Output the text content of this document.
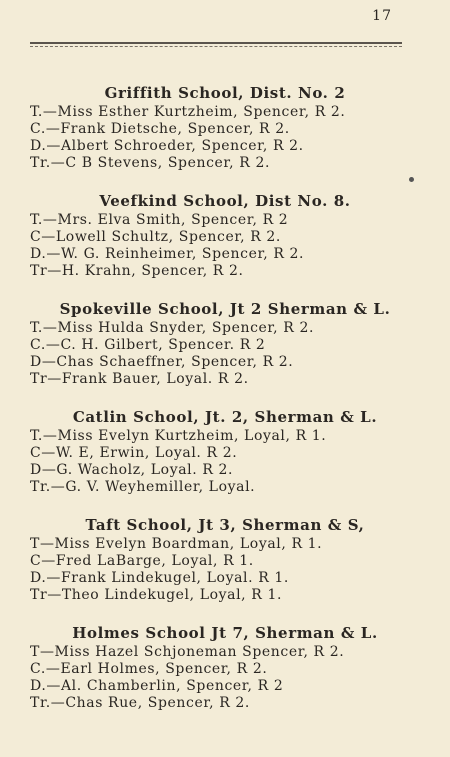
17
Griffith School, Dist. No. 2
T.—Miss Esther Kurtzheim, Spencer, R 2.
C.—Frank Dietsche, Spencer, R 2.
D.—Albert Schroeder, Spencer, R 2.
Tr.—C B Stevens, Spencer, R 2.
Veefkind School, Dist No. 8.
T.—Mrs. Elva Smith, Spencer, R 2
C—Lowell Schultz, Spencer, R 2.
D.—W. G. Reinheimer, Spencer, R 2.
Tr—H. Krahn, Spencer, R 2.
Spokeville School, Jt 2 Sherman & L.
T.—Miss Hulda Snyder, Spencer, R 2.
C.—C. H. Gilbert, Spencer. R 2
D—Chas Schaeffner, Spencer, R 2.
Tr—Frank Bauer, Loyal. R 2.
Catlin School, Jt. 2, Sherman & L.
T.—Miss Evelyn Kurtzheim, Loyal, R 1.
C—W. E, Erwin, Loyal. R 2.
D—G. Wacholz, Loyal. R 2.
Tr.—G. V. Weyhemiller, Loyal.
Taft School, Jt 3, Sherman & S,
T—Miss Evelyn Boardman, Loyal, R 1.
C—Fred LaBarge, Loyal, R 1.
D.—Frank Lindekugel, Loyal. R 1.
Tr—Theo Lindekugel, Loyal, R 1.
Holmes School Jt 7, Sherman & L.
T—Miss Hazel Schjoneman Spencer, R 2.
C.—Earl Holmes, Spencer, R 2.
D.—Al. Chamberlin, Spencer, R 2
Tr.—Chas Rue, Spencer, R 2.
